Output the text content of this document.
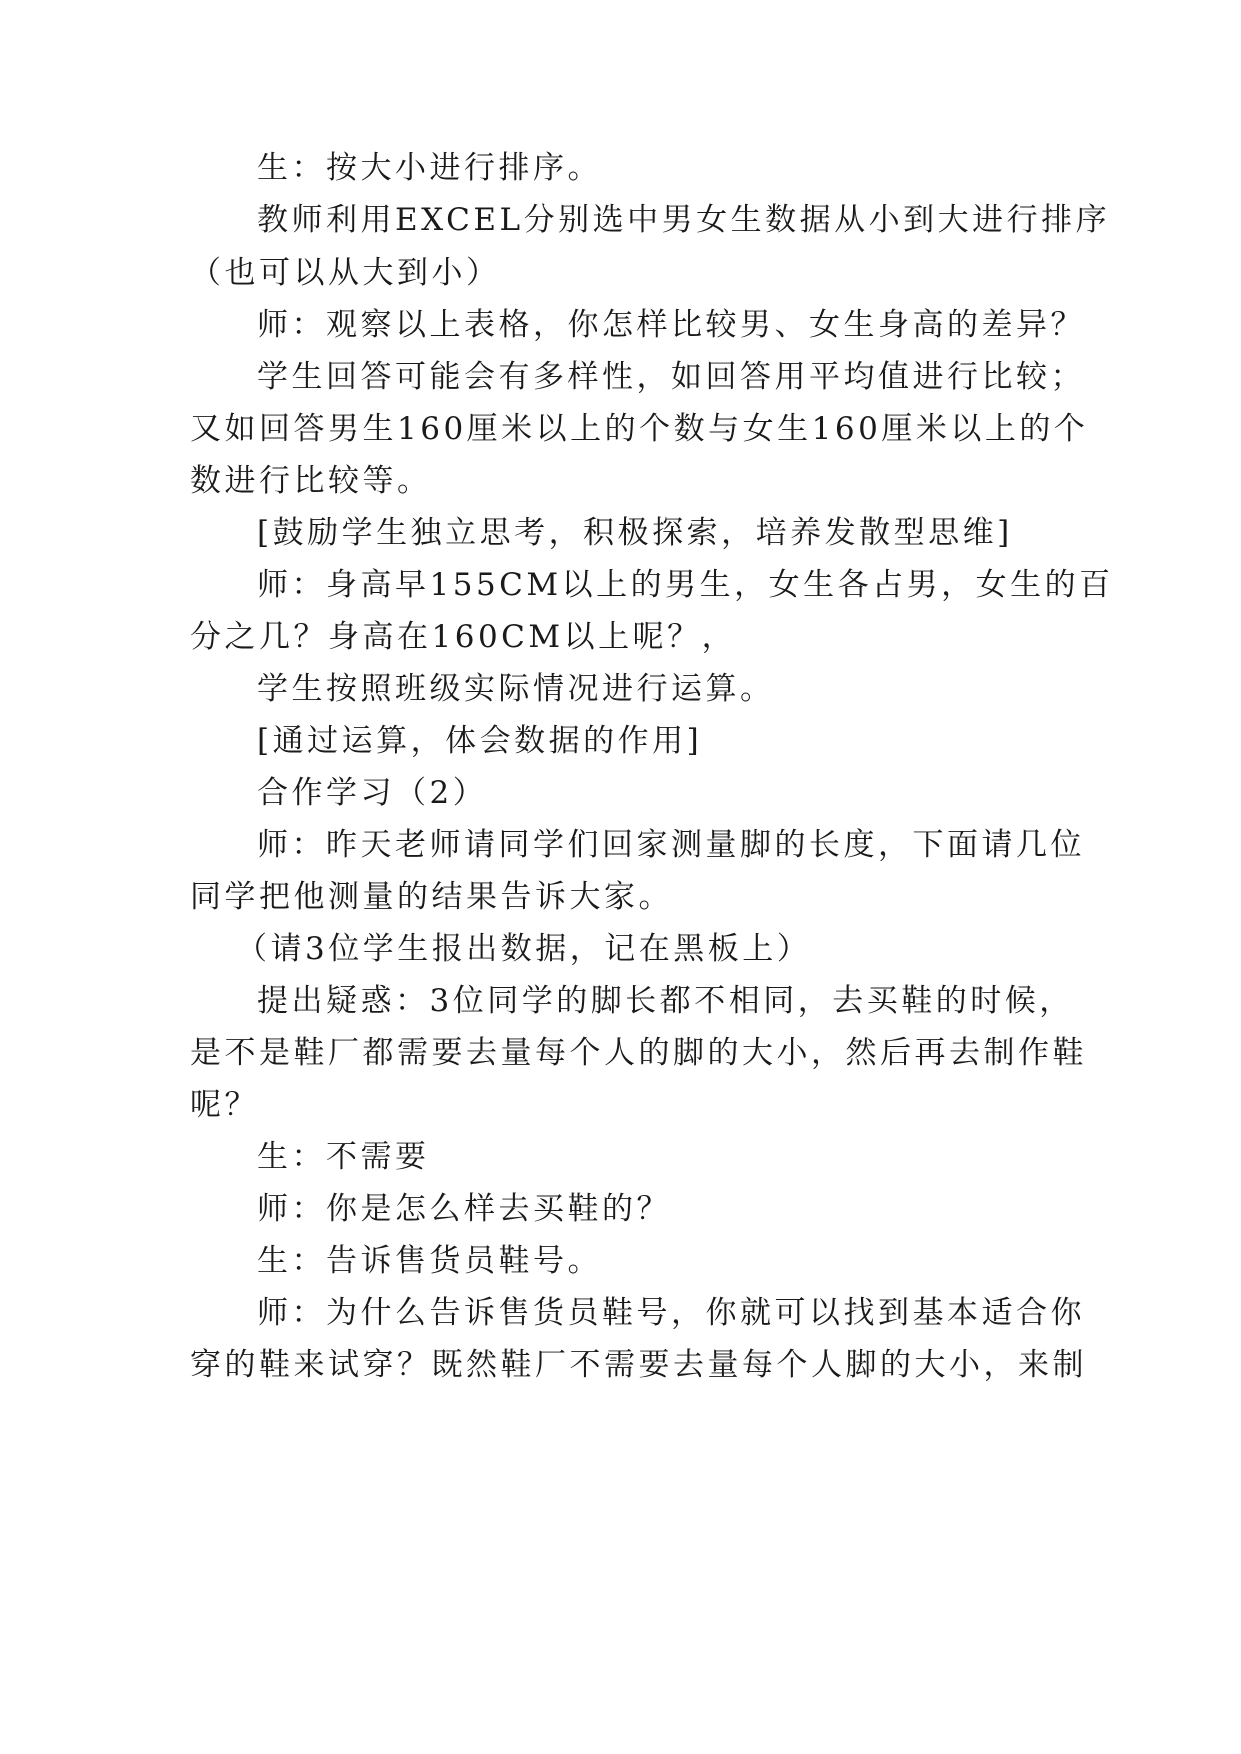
生：按大小进行排序。
教师利用EXCEL分别选中男女生数据从小到大进行排序
（也可以从大到小）
师：观察以上表格，你怎样比较男、女生身高的差异？
学生回答可能会有多样性，如回答用平均值进行比较；
又如回答男生160厘米以上的个数与女生160厘米以上的个
数进行比较等。
[鼓励学生独立思考，积极探索，培养发散型思维]
师：身高早155CM以上的男生，女生各占男，女生的百
分之几？身高在160CM以上呢？，
学生按照班级实际情况进行运算。
[通过运算，体会数据的作用]
合作学习（2）
师：昨天老师请同学们回家测量脚的长度，下面请几位
同学把他测量的结果告诉大家。
（请3位学生报出数据，记在黑板上）
提出疑惑：3位同学的脚长都不相同，去买鞋的时候，
是不是鞋厂都需要去量每个人的脚的大小，然后再去制作鞋
呢？
生：不需要
师：你是怎么样去买鞋的？
生：告诉售货员鞋号。
师：为什么告诉售货员鞋号，你就可以找到基本适合你
穿的鞋来试穿？既然鞋厂不需要去量每个人脚的大小，来制
